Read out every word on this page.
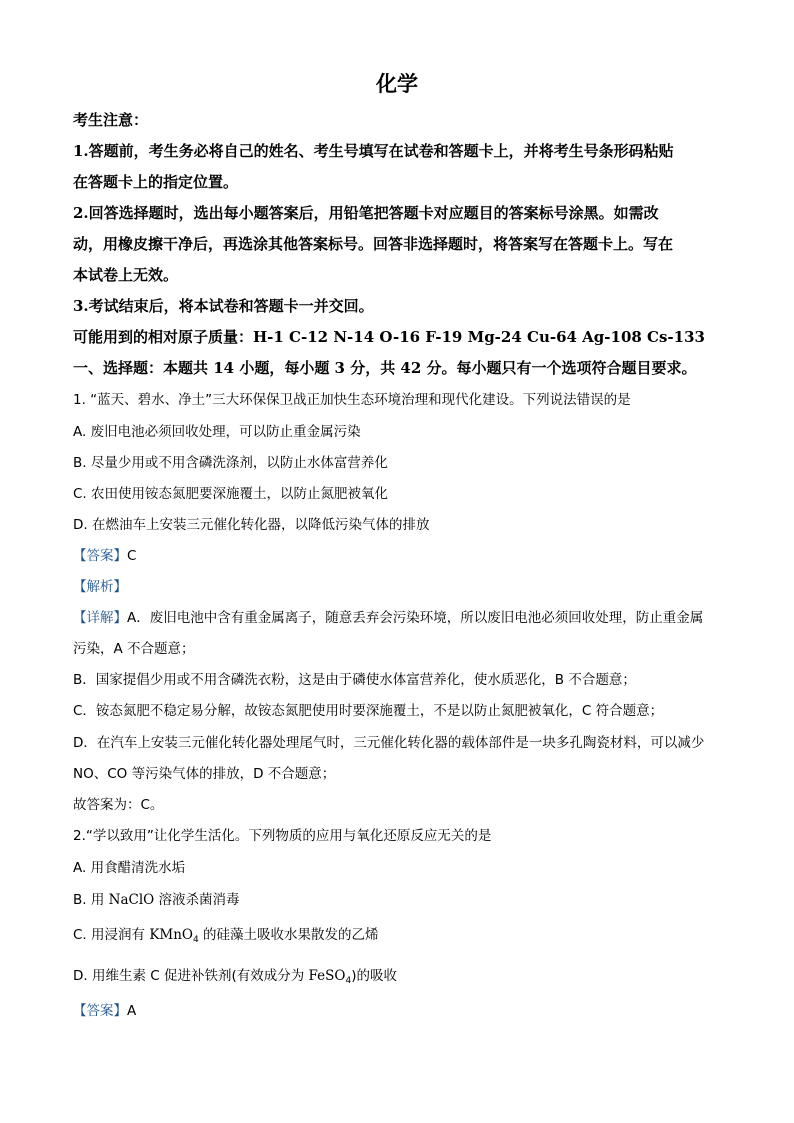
化学
考生注意：
1.答题前，考生务必将自己的姓名、考生号填写在试卷和答题卡上，并将考生号条形码粘贴
在答题卡上的指定位置。
2.回答选择题时，选出每小题答案后，用铅笔把答题卡对应题目的答案标号涂黑。如需改
动，用橡皮擦干净后，再选涂其他答案标号。回答非选择题时，将答案写在答题卡上。写在
本试卷上无效。
3.考试结束后，将本试卷和答题卡一并交回。
可能用到的相对原子质量：H-1 C-12 N-14 O-16 F-19 Mg-24 Cu-64 Ag-108 Cs-133
一、选择题：本题共 14 小题，每小题 3 分，共 42 分。每小题只有一个选项符合题目要求。
1. “蓝天、碧水、净土”三大环保保卫战正加快生态环境治理和现代化建设。下列说法错误的是
A. 废旧电池必须回收处理，可以防止重金属污染
B. 尽量少用或不用含磷洗涤剂，以防止水体富营养化
C. 农田使用铵态氮肥要深施覆土，以防止氮肥被氧化
D. 在燃油车上安装三元催化转化器，以降低污染气体的排放
【答案】C
【解析】
【详解】A．废旧电池中含有重金属离子，随意丢弃会污染环境，所以废旧电池必须回收处理，防止重金属
污染，A 不合题意；
B．国家提倡少用或不用含磷洗衣粉，这是由于磷使水体富营养化，使水质恶化，B 不合题意；
C．铵态氮肥不稳定易分解，故铵态氮肥使用时要深施覆土，不是以防止氮肥被氧化，C 符合题意；
D．在汽车上安装三元催化转化器处理尾气时，三元催化转化器的载体部件是一块多孔陶瓷材料，可以减少
NO、CO 等污染气体的排放，D 不合题意；
故答案为：C。
2.“学以致用”让化学生活化。下列物质的应用与氧化还原反应无关的是
A. 用食醋清洗水垢
B. 用 NaClO 溶液杀菌消毒
C. 用浸润有 KMnO$_4$ 的硅藻土吸收水果散发的乙烯
D. 用维生素 C 促进补铁剂(有效成分为 FeSO$_4$)的吸收
【答案】A
